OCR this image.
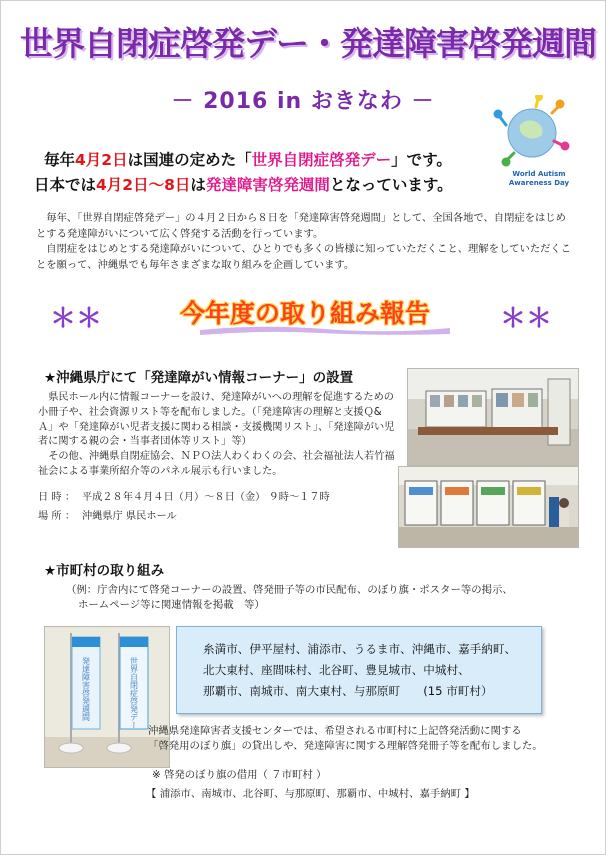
世界自閉症啓発デー・発達障害啓発週間
－ 2016 in おきなわ －
World Autism
Awareness Day
毎年4月2日は国連の定めた「世界自閉症啓発デー」です。
日本では4月2日～8日は発達障害啓発週間となっています。

毎年、「世界自閉症啓発デー」の４月２日から８日を「発達障害啓発週間」として、全国各地で、自閉症をはじめとする発達障がいについて広く啓発する活動を行っています。

自閉症をはじめとする発達障がいについて、ひとりでも多くの皆様に知っていただくこと、理解をしていただくことを願って、沖縄県でも毎年さまざまな取り組みを企画しています。

＊＊	今年度の取り組み報告	＊＊
★沖縄県庁にて「発達障がい情報コーナー」の設置

県民ホール内に情報コーナーを設け、発達障がいへの理解を促進するための小冊子や、社会資源リスト等を配布しました。（「発達障害の理解と支援Ｑ&Ａ」や「発達障がい児者支援に関わる相談・支援機関リスト」、「発達障がい児者に関する親の会・当事者団体等リスト」等）

その他、沖縄県自閉症協会、ＮＰＯ法人わくわくの会、社会福祉法人若竹福祉会による事業所紹介等のパネル展示も行いました。

日 時 ： 平成２８年４月４日（月）～８日（金） ９時～１７時
場 所 ： 沖縄県庁 県民ホール
★市町村の取り組み
（例：庁舎内にて啓発コーナーの設置、啓発冊子等の市民配布、のぼり旗・ポスター等の掲示、
ホームページ等に関連情報を掲載　等）
発達障害啓発週間	世界自閉症啓発デー
糸満市、伊平屋村、浦添市、うるま市、沖縄市、嘉手納町、
北大東村、座間味村、北谷町、豊見城市、中城村、
那覇市、南城市、南大東村、与那原町　　(15 市町村）
沖縄県発達障害者支援センターでは、希望される市町村に上記啓発活動に関する
「啓発用のぼり旗」の貸出しや、発達障害に関する理解啓発冊子等を配布しました。
※ 啓発のぼり旗の借用（ ７市町村 ）
【 浦添市、南城市、北谷町、与那原町、那覇市、中城村、嘉手納町 】
